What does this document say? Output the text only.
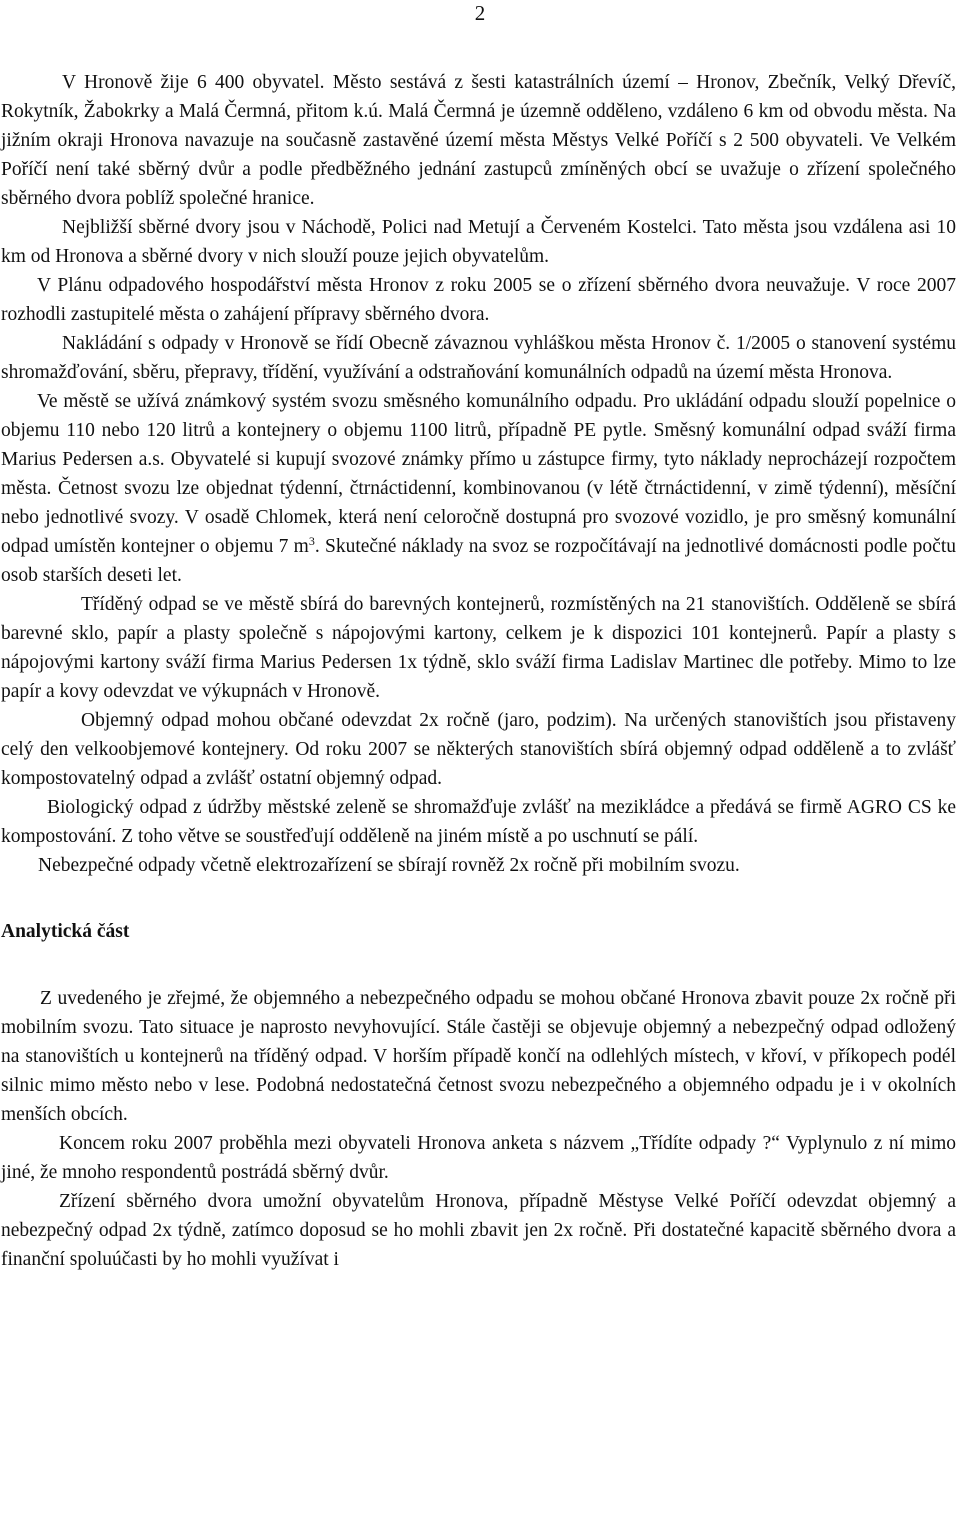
2

V Hronově žije 6 400 obyvatel. Město sestává z šesti katastrálních území – Hronov, Zbečník, Velký Dřevíč, Rokytník, Žabokrky a Malá Čermná, přitom k.ú. Malá Čermná je územně odděleno, vzdáleno 6 km od obvodu města. Na jižním okraji Hronova navazuje na současně zastavěné území města Městys Velké Poříčí s 2 500 obyvateli. Ve Velkém Poříčí není také sběrný dvůr a podle předběžného jednání zastupců zmíněných obcí se uvažuje o zřízení společného sběrného dvora poblíž společné hranice.

Nejbližší sběrné dvory jsou v Náchodě, Polici nad Metují a Červeném Kostelci. Tato města jsou vzdálena asi 10 km od Hronova a sběrné dvory v nich slouží pouze jejich obyvatelům.

V Plánu odpadového hospodářství města Hronov z roku 2005 se o zřízení sběrného dvora neuvažuje. V roce 2007 rozhodli zastupitelé města o zahájení přípravy sběrného dvora.

Nakládání s odpady v Hronově se řídí Obecně závaznou vyhláškou města Hronov č. 1/2005 o stanovení systému shromažďování, sběru, přepravy, třídění, využívání a odstraňování komunálních odpadů na území města Hronova.

Ve městě se užívá známkový systém svozu směsného komunálního odpadu. Pro ukládání odpadu slouží popelnice o objemu 110 nebo 120 litrů a kontejnery o objemu 1100 litrů, případně PE pytle. Směsný komunální odpad sváží firma Marius Pedersen a.s. Obyvatelé si kupují svozové známky přímo u zástupce firmy, tyto náklady neprocházejí rozpočtem města. Četnost svozu lze objednat týdenní, čtrnáctidenní, kombinovanou (v létě čtrnáctidenní, v zimě týdenní), měsíční nebo jednotlivé svozy. V osadě Chlomek, která není celoročně dostupná pro svozové vozidlo, je pro směsný komunální odpad umístěn kontejner o objemu 7 $m^3$. Skutečné náklady na svoz se rozpočítávají na jednotlivé domácnosti podle počtu osob starších deseti let.

Tříděný odpad se ve městě sbírá do barevných kontejnerů, rozmístěných na 21 stanovištích. Odděleně se sbírá barevné sklo, papír a plasty společně s nápojovými kartony, celkem je k dispozici 101 kontejnerů. Papír a plasty s nápojovými kartony sváží firma Marius Pedersen 1x týdně, sklo sváží firma Ladislav Martinec dle potřeby. Mimo to lze papír a kovy odevzdat ve výkupnách v Hronově.

Objemný odpad mohou občané odevzdat 2x ročně (jaro, podzim). Na určených stanovištích jsou přistaveny celý den velkoobjemové kontejnery. Od roku 2007 se některých stanovištích sbírá objemný odpad odděleně a to zvlášť kompostovatelný odpad a zvlášť ostatní objemný odpad.

Biologický odpad z údržby městské zeleně se shromažďuje zvlášť na mezikládce a předává se firmě AGRO CS ke kompostování. Z toho větve se soustřeďují odděleně na jiném místě a po uschnutí se pálí.

Nebezpečné odpady včetně elektrozařízení se sbírají rovněž 2x ročně při mobilním svozu.

Analytická část

Z uvedeného je zřejmé, že objemného a nebezpečného odpadu se mohou občané Hronova zbavit pouze 2x ročně při mobilním svozu. Tato situace je naprosto nevyhovující. Stále častěji se objevuje objemný a nebezpečný odpad odložený na stanovištích u kontejnerů na tříděný odpad. V horším případě končí na odlehlých místech, v křoví, v příkopech podél silnic mimo město nebo v lese. Podobná nedostatečná četnost svozu nebezpečného a objemného odpadu je i v okolních menších obcích.

Koncem roku 2007 proběhla mezi obyvateli Hronova anketa s názvem „Třídíte odpady ?“ Vyplynulo z ní mimo jiné, že mnoho respondentů postrádá sběrný dvůr.

Zřízení sběrného dvora umožní obyvatelům Hronova, případně Městyse Velké Poříčí odevzdat objemný a nebezpečný odpad 2x týdně, zatímco doposud se ho mohli zbavit jen 2x ročně. Při dostatečné kapacitě sběrného dvora a finanční spoluúčasti by ho mohli využívat i
